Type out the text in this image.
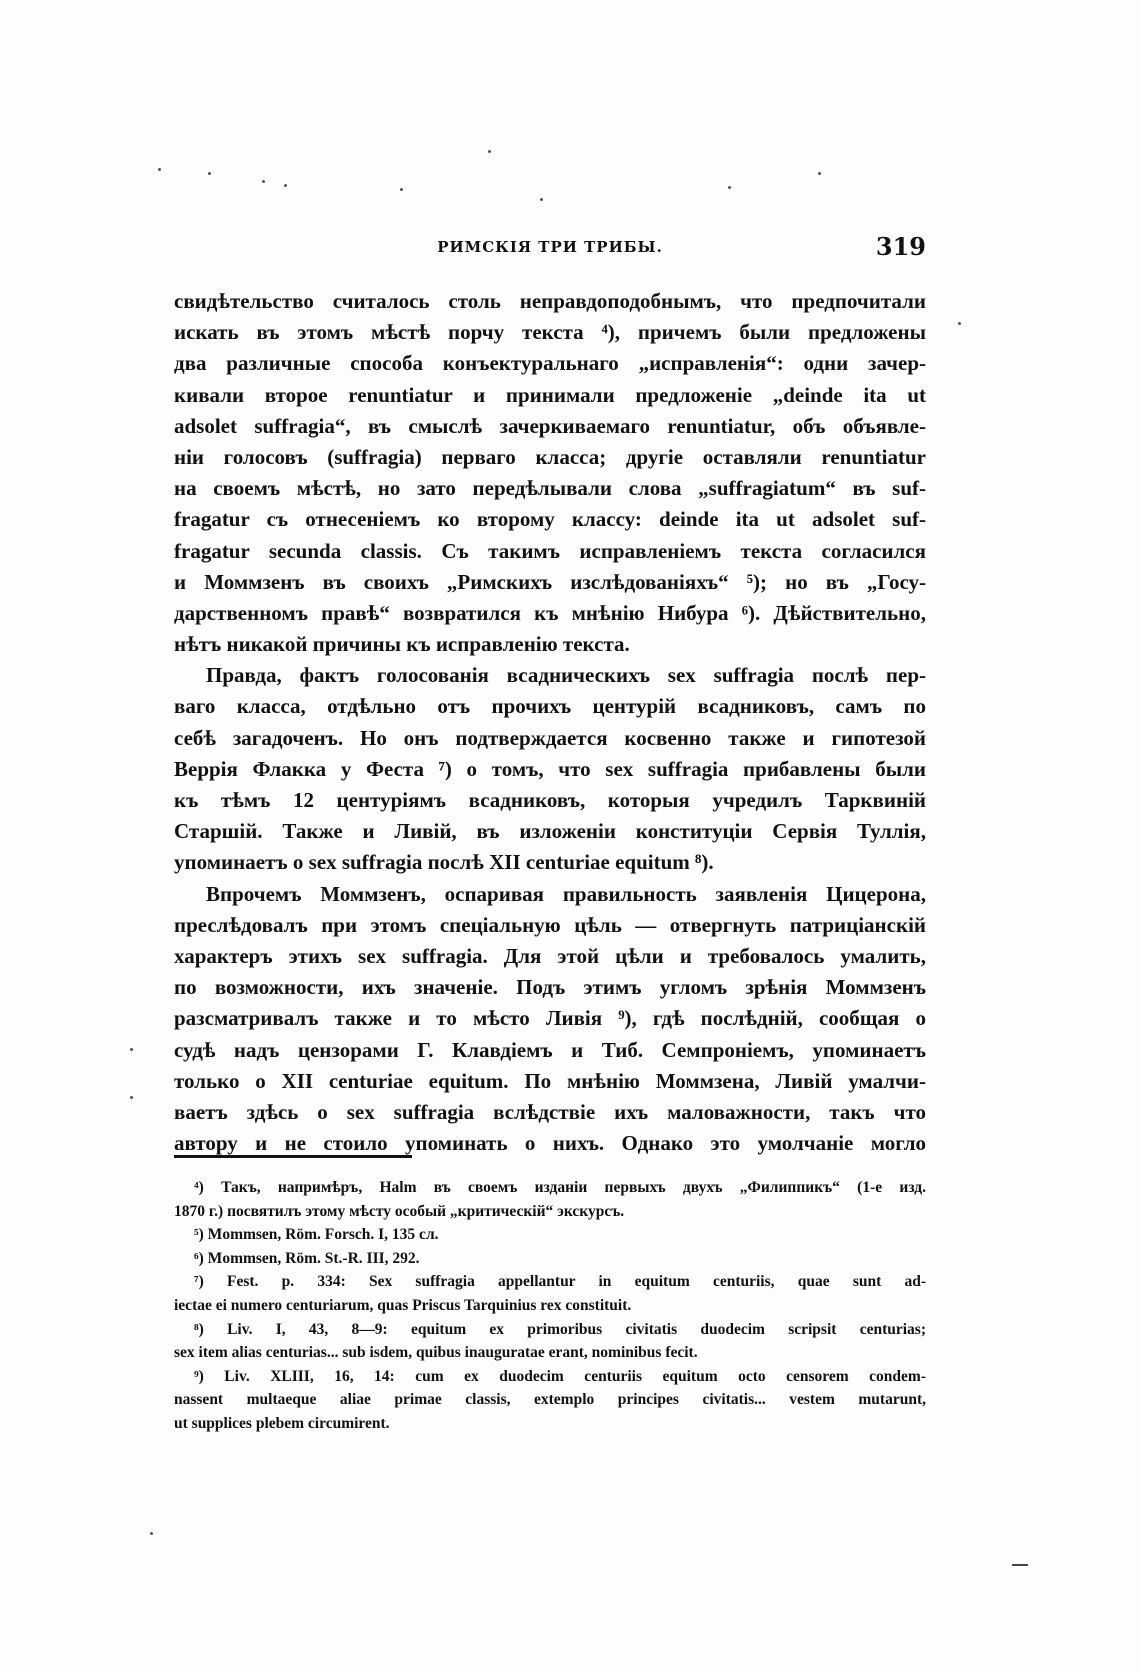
РИМСКІЯ ТРИ ТРИБЫ.	319
свидѣтельство считалось столь неправдоподобнымъ, что предпочитали
искать въ этомъ мѣстѣ порчу текста ⁴), причемъ были предложены
два различные способа конъектуральнаго „исправленія“: одни зачер-
кивали второе renuntiatur и принимали предложеніе „deinde ita ut
adsolet suffragia“, въ смыслѣ зачеркиваемаго renuntiatur, объ объявле-
ніи голосовъ (suffragia) перваго класса; другіе оставляли renuntiatur
на своемъ мѣстѣ, но зато передѣлывали слова „suffragiatum“ въ suf-
fragatur съ отнесеніемъ ко второму классу: deinde ita ut adsolet suf-
fragatur secunda classis. Съ такимъ исправленіемъ текста согласился
и Моммзенъ въ своихъ „Римскихъ изслѣдованіяхъ“ ⁵); но въ „Госу-
дарственномъ правѣ“ возвратился къ мнѣнію Нибура ⁶). Дѣйствительно,
нѣтъ никакой причины къ исправленію текста.
Правда, фактъ голосованія всадническихъ sex suffragia послѣ пер-
ваго класса, отдѣльно отъ прочихъ центурій всадниковъ, самъ по
себѣ загадоченъ. Но онъ подтверждается косвенно также и гипотезой
Веррія Флакка у Феста ⁷) о томъ, что sex suffragia прибавлены были
къ тѣмъ 12 центуріямъ всадниковъ, которыя учредилъ Тарквиній
Старшій. Также и Ливій, въ изложеніи конституціи Сервія Туллія,
упоминаетъ о sex suffragia послѣ XII centuriae equitum ⁸).
Впрочемъ Моммзенъ, оспаривая правильность заявленія Цицерона,
преслѣдовалъ при этомъ спеціальную цѣль — отвергнуть патриціанскій
характеръ этихъ sex suffragia. Для этой цѣли и требовалось умалить,
по возможности, ихъ значеніе. Подъ этимъ угломъ зрѣнія Моммзенъ
разсматривалъ также и то мѣсто Ливія ⁹), гдѣ послѣдній, сообщая о
судѣ надъ цензорами Г. Клавдіемъ и Тиб. Семпроніемъ, упоминаетъ
только о XII centuriae equitum. По мнѣнію Моммзена, Ливій умалчи-
ваетъ здѣсь о sex suffragia вслѣдствіе ихъ маловажности, такъ что
автору и не стоило упоминать о нихъ. Однако это умолчаніе могло
⁴) Такъ, напримѣръ, Halm въ своемъ изданіи первыхъ двухъ „Филиппикъ“ (1-е изд.
1870 г.) посвятилъ этому мѣсту особый „критическій“ экскурсъ.
⁵) Mommsen, Röm. Forsch. I, 135 сл.
⁶) Mommsen, Röm. St.-R. III, 292.
⁷) Fest. p. 334: Sex suffragia appellantur in equitum centuriis, quae sunt ad-
iectae ei numero centuriarum, quas Priscus Tarquinius rex constituit.
⁸) Liv. I, 43, 8—9: equitum ex primoribus civitatis duodecim scripsit centurias;
sex item alias centurias... sub isdem, quibus inauguratae erant, nominibus fecit.
⁹) Liv. XLIII, 16, 14: cum ex duodecim centuriis equitum octo censorem condem-
nassent multaeque aliae primae classis, extemplo principes civitatis... vestem mutarunt,
ut supplices plebem circumirent.
